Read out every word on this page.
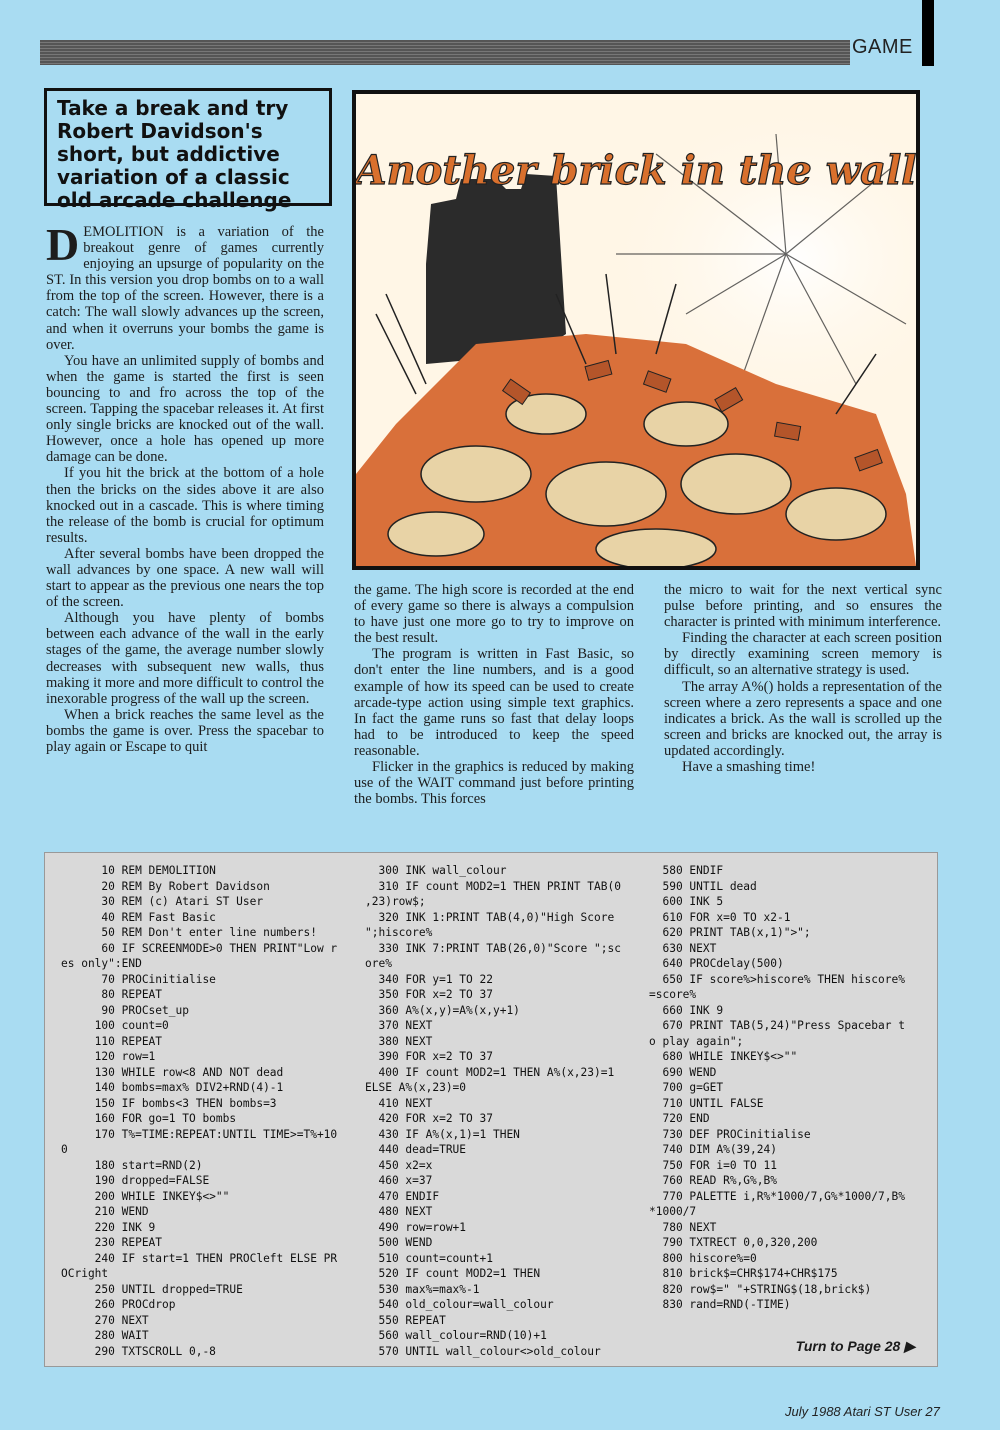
GAME

Take a break and try Robert Davidson's short, but addictive variation of a classic old arcade challenge

Another brick in the wall

DEMOLITION is a variation of the breakout genre of games currently enjoying an upsurge of popularity on the ST. In this version you drop bombs on to a wall from the top of the screen. However, there is a catch: The wall slowly advances up the screen, and when it overruns your bombs the game is over.

You have an unlimited supply of bombs and when the game is started the first is seen bouncing to and fro across the top of the screen. Tapping the spacebar releases it. At first only single bricks are knocked out of the wall. However, once a hole has opened up more damage can be done.

If you hit the brick at the bottom of a hole then the bricks on the sides above it are also knocked out in a cascade. This is where timing the release of the bomb is crucial for optimum results.

After several bombs have been dropped the wall advances by one space. A new wall will start to appear as the previous one nears the top of the screen.

Although you have plenty of bombs between each advance of the wall in the early stages of the game, the average number slowly decreases with subsequent new walls, thus making it more and more difficult to control the inexorable progress of the wall up the screen.

When a brick reaches the same level as the bombs the game is over. Press the spacebar to play again or Escape to quit

the game. The high score is recorded at the end of every game so there is always a compulsion to have just one more go to try to improve on the best result.

The program is written in Fast Basic, so don't enter the line numbers, and is a good example of how its speed can be used to create arcade-type action using simple text graphics. In fact the game runs so fast that delay loops had to be introduced to keep the speed reasonable.

Flicker in the graphics is reduced by making use of the WAIT command just before printing the bombs. This forces

the micro to wait for the next vertical sync pulse before printing, and so ensures the character is printed with minimum interference.

Finding the character at each screen position by directly examining screen memory is difficult, so an alternative strategy is used.

The array A%() holds a representation of the screen where a zero represents a space and one indicates a brick. As the wall is scrolled up the screen and bricks are knocked out, the array is updated accordingly.

Have a smashing time!

10 REM DEMOLITION
20 REM By Robert Davidson
30 REM (c) Atari ST User
40 REM Fast Basic
50 REM Don't enter line numbers!
60 IF SCREENMODE>0 THEN PRINT"Low r
es only":END
70 PROCinitialise
80 REPEAT
90 PROCset_up
100 count=0
110 REPEAT
120 row=1
130 WHILE row<8 AND NOT dead
140 bombs=max% DIV2+RND(4)-1
150 IF bombs<3 THEN bombs=3
160 FOR go=1 TO bombs
170 T%=TIME:REPEAT:UNTIL TIME>=T%+10
0
180 start=RND(2)
190 dropped=FALSE
200 WHILE INKEY$<>""
210 WEND
220 INK 9
230 REPEAT
240 IF start=1 THEN PROCleft ELSE PR
OCright
250 UNTIL dropped=TRUE
260 PROCdrop
270 NEXT
280 WAIT
290 TXTSCROLL 0,-8
300 INK wall_colour
310 IF count MOD2=1 THEN PRINT TAB(0
,23)row$;
320 INK 1:PRINT TAB(4,0)"High Score
";hiscore%
330 INK 7:PRINT TAB(26,0)"Score ";sc
ore%
340 FOR y=1 TO 22
350 FOR x=2 TO 37
360 A%(x,y)=A%(x,y+1)
370 NEXT
380 NEXT
390 FOR x=2 TO 37
400 IF count MOD2=1 THEN A%(x,23)=1
ELSE A%(x,23)=0
410 NEXT
420 FOR x=2 TO 37
430 IF A%(x,1)=1 THEN
440 dead=TRUE
450 x2=x
460 x=37
470 ENDIF
480 NEXT
490 row=row+1
500 WEND
510 count=count+1
520 IF count MOD2=1 THEN
530 max%=max%-1
540 old_colour=wall_colour
550 REPEAT
560 wall_colour=RND(10)+1
570 UNTIL wall_colour<>old_colour
580 ENDIF
590 UNTIL dead
600 INK 5
610 FOR x=0 TO x2-1
620 PRINT TAB(x,1)">";
630 NEXT
640 PROCdelay(500)
650 IF score%>hiscore% THEN hiscore%
=score%
660 INK 9
670 PRINT TAB(5,24)"Press Spacebar t
o play again";
680 WHILE INKEY$<>""
690 WEND
700 g=GET
710 UNTIL FALSE
720 END
730 DEF PROCinitialise
740 DIM A%(39,24)
750 FOR i=0 TO 11
760 READ R%,G%,B%
770 PALETTE i,R%*1000/7,G%*1000/7,B%
*1000/7
780 NEXT
790 TXTRECT 0,0,320,200
800 hiscore%=0
810 brick$=CHR$174+CHR$175
820 row$=" "+STRING$(18,brick$)
830 rand=RND(-TIME)
Turn to Page 28 ▶
July 1988 Atari ST User 27
